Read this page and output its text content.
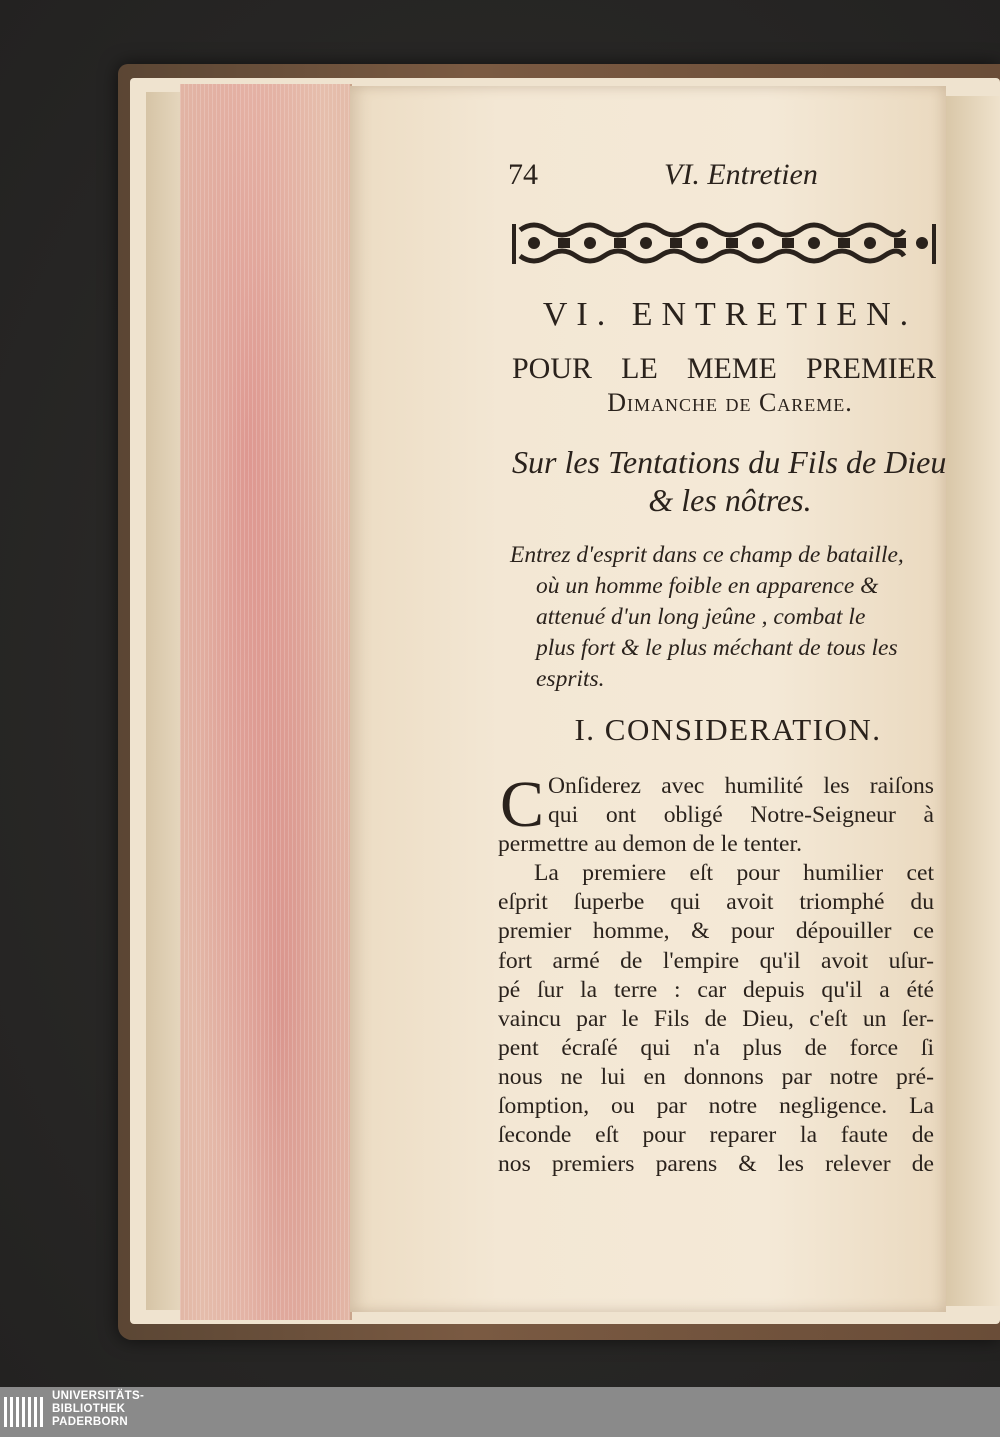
74	VI. Entretien
VI. ENTRETIEN.
POUR LE MEME PREMIER
Dimanche de Careme.
Sur les Tentations du Fils de Dieu
& les nôtres.
Entrez d'esprit dans ce champ de bataille,
où un homme foible en apparence &
attenué d'un long jeûne , combat le
plus fort & le plus méchant de tous les
esprits.
I. CONSIDERATION.
C Onſiderez avec humilité les raiſons
qui ont obligé Notre-Seigneur à
permettre au demon de le tenter.
La premiere eſt pour humilier cet
eſprit ſuperbe qui avoit triomphé du
premier homme, & pour dépouiller ce
fort armé de l'empire qu'il avoit uſur-
pé ſur la terre : car depuis qu'il a été
vaincu par le Fils de Dieu, c'eſt un ſer-
pent écraſé qui n'a plus de force ſi
nous ne lui en donnons par notre pré-
ſomption, ou par notre negligence. La
ſeconde eſt pour reparer la faute de
nos premiers parens & les relever de
UNIVERSITÄTS-
BIBLIOTHEK
PADERBORN
